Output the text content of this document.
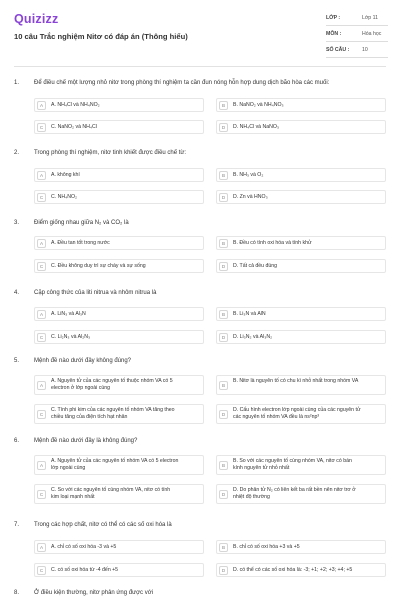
Quizizz
10 câu Trắc nghiệm Nitơ có đáp án (Thông hiểu)
LỚP :	Lớp 11
MÔN :	Hóa học
SỐ CÂU : 10
1. Để điều chế một lượng nhỏ nitơ trong phòng thí nghiệm ta cần đun nóng hỗn hợp dung dịch bão hòa các muối:
A	A. NH₄Cl và NH₄NO₂	B	B. NaNO₂ và NH₄NO₃
C	C. NaNO₂ và NH₄Cl	D	D. NH₄Cl và NaNO₃
2. Trong phòng thí nghiệm, nitơ tinh khiết được điều chế từ:
A	A. không khí	B	B. NH₃ và O₂
C	C. NH₄NO₂	D	D. Zn và HNO₃
3. Điểm giống nhau giữa N₂ và CO₂ là
A	A. Đều tan tốt trong nước	B	B. Đều có tính oxi hóa và tính khử
C	C. Đều không duy trì sự cháy và sự sống	D	D. Tất cả đều đúng
4. Cặp công thức của liti nitrua và nhôm nitrua là
A	A. LiN₃ và Al₃N	B	B. Li₃N và AlN
C	C. Li₂N₃ và Al₂N₃	D	D. Li₃N₂ và Al₃N₂
5. Mệnh đề nào dưới đây không đúng?
A
A. Nguyên tử của các nguyên tố thuộc nhóm VA có 5 electron ở lớp ngoài cùng	B
B. Nitơ là nguyên tố có chu kì nhỏ nhất trong nhóm VA
C
C. Tính phi kim của các nguyên tố nhóm VA tăng theo chiều tăng của điện tích hạt nhân	D
D. Cấu hình electron lớp ngoài cùng của các nguyên tử các nguyên tố nhóm VA đều là ns²np³
6. Mệnh đề nào dưới đây là không đúng?
A
A. Nguyên tử của các nguyên tố nhóm VA có 5 electron lớp ngoài cùng	B
B. So với các nguyên tố cùng nhóm VA, nitơ có bán kính nguyên tử nhỏ nhất
C
C. So với các nguyên tố cùng nhóm VA, nitơ có tính kim loại mạnh nhất	D
D. Do phân tử N₂ có liên kết ba rất bền nên nitơ trơ ở nhiệt độ thường
7. Trong các hợp chất, nitơ có thể có các số oxi hóa là
A	A. chỉ có số oxi hóa -3 và +5	B	B. chỉ có số oxi hóa +3 và +5
C	C. có số oxi hóa từ -4 đến +5	D	D. có thể có các số oxi hóa là: -3; +1; +2; +3; +4; +5
8. Ở điều kiện thường, nitơ phản ứng được với
